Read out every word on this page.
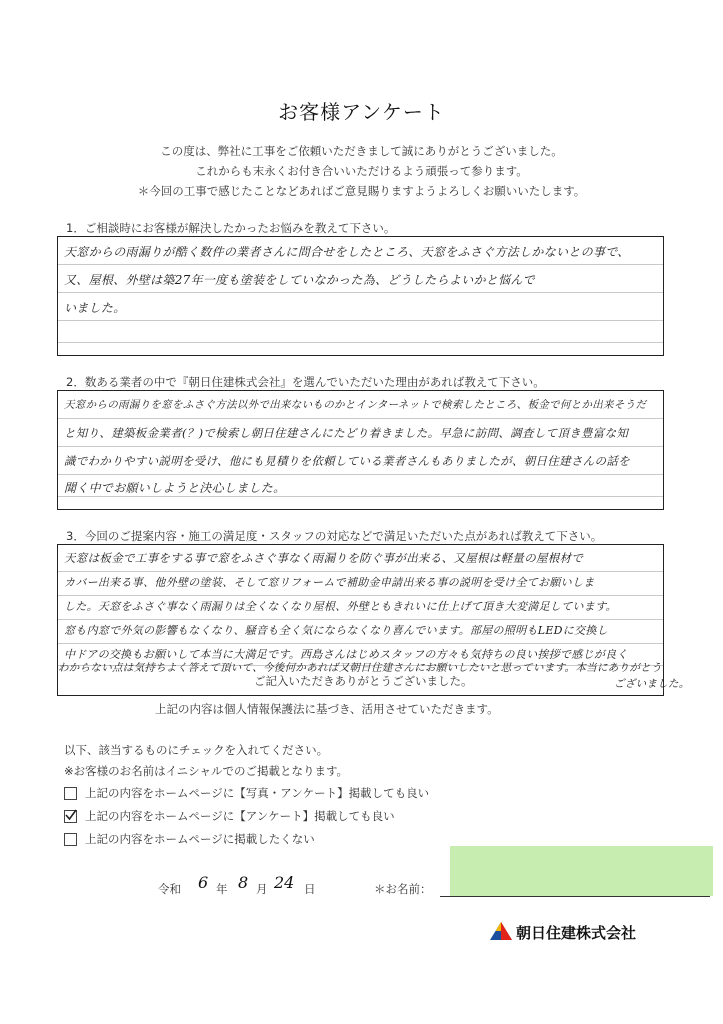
お客様アンケート
この度は、弊社に工事をご依頼いただきまして誠にありがとうございました。
これからも末永くお付き合いいただけるよう頑張って参ります。
＊今回の工事で感じたことなどあればご意見賜りますようよろしくお願いいたします。
1．ご相談時にお客様が解決したかったお悩みを教えて下さい。
天窓からの雨漏りが酷く数件の業者さんに問合せをしたところ、天窓をふさぐ方法しかないとの事で、
又、屋根、外壁は築27年一度も塗装をしていなかった為、どうしたらよいかと悩んで
いました。
2．数ある業者の中で『朝日住建株式会社』を選んでいただいた理由があれば教えて下さい。
天窓からの雨漏りを窓をふさぐ方法以外で出来ないものかとインターネットで検索したところ、板金で何とか出来そうだ
と知り、建築板金業者(？)で検索し朝日住建さんにたどり着きました。早急に訪問、調査して頂き豊富な知
識でわかりやすい説明を受け、他にも見積りを依頼している業者さんもありましたが、朝日住建さんの話を
聞く中でお願いしようと決心しました。
3．今回のご提案内容・施工の満足度・スタッフの対応などで満足いただいた点があれば教えて下さい。
天窓は板金で工事をする事で窓をふさぐ事なく雨漏りを防ぐ事が出来る、又屋根は軽量の屋根材で
カバー出来る事、他外壁の塗装、そして窓リフォームで補助金申請出来る事の説明を受け全てお願いしま
した。天窓をふさぐ事なく雨漏りは全くなくなり屋根、外壁ともきれいに仕上げて頂き大変満足しています。
窓も内窓で外気の影響もなくなり、騒音も全く気にならなくなり喜んでいます。部屋の照明もLEDに交換し
中ドアの交換もお願いして本当に大満足です。西島さんはじめスタッフの方々も気持ちの良い挨拶で感じが良く
ご記入いただきありがとうございました。
わからない点は気持ちよく答えて頂いて、今後何かあれば又朝日住建さんにお願いしたいと思っています。本当にありがとう
ございました。
上記の内容は個人情報保護法に基づき、活用させていただきます。
以下、該当するものにチェックを入れてください。
※お客様のお名前はイニシャルでのご掲載となります。
上記の内容をホームページに【写真・アンケート】掲載しても良い
上記の内容をホームページに【アンケート】掲載しても良い
上記の内容をホームページに掲載したくない
令和 6 年 8 月 24 日	＊お名前：
朝日住建株式会社
